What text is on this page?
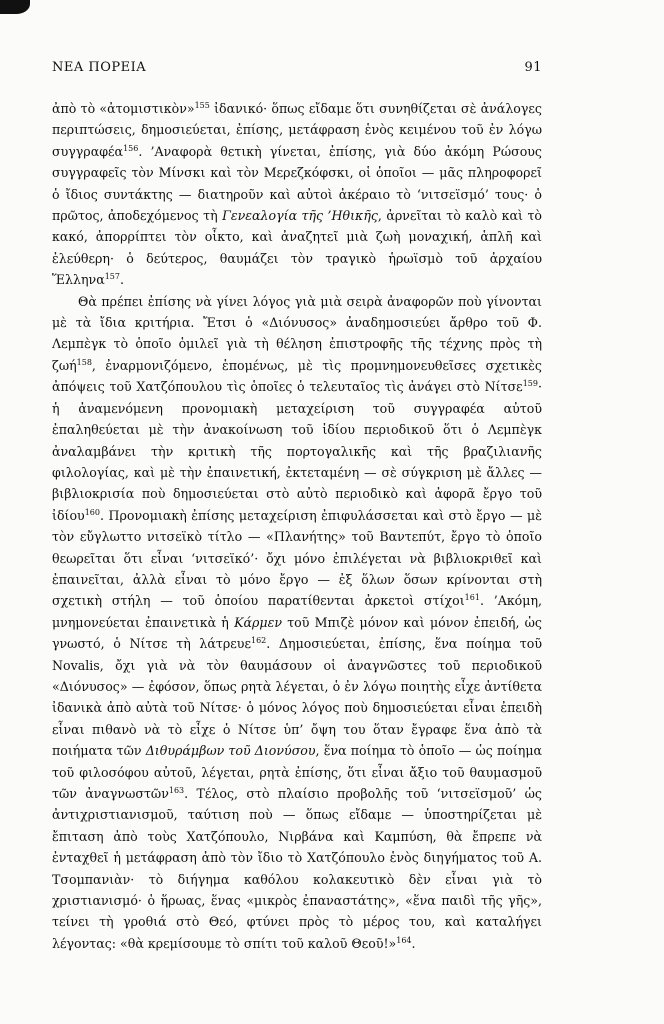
ΝΕΑ ΠΟΡΕΙΑ	91

ἀπὸ τὸ «ἀτομιστικὸν»$^{155}$ ἰδανικό· ὅπως εἴδαμε ὅτι συνηθίζεται σὲ ἀνάλογες περιπτώσεις, δημοσιεύεται, ἐπίσης, μετάφραση ἑνὸς κειμένου τοῦ ἐν λόγω συγγραφέα$^{156}$. ’Αναφορὰ θετικὴ γίνεται, ἐπίσης, γιὰ δύο ἀκόμη Ρώσους συγγραφεῖς τὸν Μίνσκι καὶ τὸν Μερεζκόφσκι, οἱ ὁποῖοι — μᾶς πληροφορεῖ ὁ ἴδιος συντάκτης — διατηροῦν καὶ αὐτοὶ ἀκέραιο τὸ ‘νιτσεϊσμό’ τους· ὁ πρῶτος, ἀποδεχόμενος τὴ Γενεαλογία τῆς ’Ηθικῆς, ἀρνεῖται τὸ καλὸ καὶ τὸ κακό, ἀπορρίπτει τὸν οἶκτο, καὶ ἀναζητεῖ μιὰ ζωὴ μοναχική, ἁπλῆ καὶ ἐλεύθερη· ὁ δεύτερος, θαυμάζει τὸν τραγικὸ ἡρωϊσμὸ τοῦ ἀρχαίου Ἕλληνα$^{157}$.

Θὰ πρέπει ἐπίσης νὰ γίνει λόγος γιὰ μιὰ σειρὰ ἀναφορῶν ποὺ γίνονται μὲ τὰ ἴδια κριτήρια. Ἔτσι ὁ «Διόνυσος» ἀναδημοσιεύει ἄρθρο τοῦ Φ. Λεμπὲγκ τὸ ὁποῖο ὁμιλεῖ γιὰ τὴ θέληση ἐπιστροφῆς τῆς τέχνης πρὸς τὴ ζωή$^{158}$, ἐναρμονιζόμενο, ἑπομένως, μὲ τὶς προμνημονευθεῖσες σχετικὲς ἀπόψεις τοῦ Χατζόπουλου τὶς ὁποῖες ὁ τελευταῖος τὶς ἀνάγει στὸ Νίτσε$^{159}$· ἡ ἀναμενόμενη προνομιακὴ μεταχείριση τοῦ συγγραφέα αὐτοῦ ἐπαληθεύεται μὲ τὴν ἀνακοίνωση τοῦ ἰδίου περιοδικοῦ ὅτι ὁ Λεμπὲγκ ἀναλαμβάνει τὴν κριτικὴ τῆς πορτογαλικῆς καὶ τῆς βραζιλιανῆς φιλολογίας, καὶ μὲ τὴν ἐπαινετική, ἐκτεταμένη — σὲ σύγκριση μὲ ἄλλες — βιβλιοκρισία ποὺ δημοσιεύεται στὸ αὐτὸ περιοδικὸ καὶ ἀφορᾶ ἔργο τοῦ ἰδίου$^{160}$. Προνομιακὴ ἐπίσης μεταχείριση ἐπιφυλάσσεται καὶ στὸ ἔργο — μὲ τὸν εὔγλωττο νιτσεϊκὸ τίτλο — «Πλανήτης» τοῦ Βαντεπύτ, ἔργο τὸ ὁποῖο θεωρεῖται ὅτι εἶναι ‘νιτσεϊκό’· ὄχι μόνο ἐπιλέγεται νὰ βιβλιοκριθεῖ καὶ ἐπαινεῖται, ἀλλὰ εἶναι τὸ μόνο ἔργο — ἐξ ὅλων ὅσων κρίνονται στὴ σχετικὴ στήλη — τοῦ ὁποίου παρατίθενται ἀρκετοὶ στίχοι$^{161}$. ’Ακόμη, μνημονεύεται ἐπαινετικὰ ἡ Κάρμεν τοῦ Μπιζὲ μόνον καὶ μόνον ἐπειδή, ὡς γνωστό, ὁ Νίτσε τὴ λάτρευε$^{162}$. Δημοσιεύεται, ἐπίσης, ἕνα ποίημα τοῦ Novalis, ὄχι γιὰ νὰ τὸν θαυμάσουν οἱ ἀναγνῶστες τοῦ περιοδικοῦ «Διόνυσος» — ἐφόσον, ὅπως ρητὰ λέγεται, ὁ ἐν λόγω ποιητὴς εἶχε ἀντίθετα ἰδανικὰ ἀπὸ αὐτὰ τοῦ Νίτσε· ὁ μόνος λόγος ποὺ δημοσιεύεται εἶναι ἐπειδὴ εἶναι πιθανὸ νὰ τὸ εἶχε ὁ Νίτσε ὑπ’ ὄψη του ὅταν ἔγραφε ἕνα ἀπὸ τὰ ποιήματα τῶν Διθυράμβων τοῦ Διονύσου, ἕνα ποίημα τὸ ὁποῖο — ὡς ποίημα τοῦ φιλοσόφου αὐτοῦ, λέγεται, ρητὰ ἐπίσης, ὅτι εἶναι ἄξιο τοῦ θαυμασμοῦ τῶν ἀναγνωστῶν$^{163}$. Τέλος, στὸ πλαίσιο προβολῆς τοῦ ‘νιτσεϊσμοῦ’ ὡς ἀντιχριστιανισμοῦ, ταύτιση ποὺ — ὅπως εἴδαμε — ὑποστηρίζεται μὲ ἔπιταση ἀπὸ τοὺς Χατζόπουλο, Νιρβάνα καὶ Καμπύση, θὰ ἔπρεπε νὰ ἐνταχθεῖ ἡ μετάφραση ἀπὸ τὸν ἴδιο τὸ Χατζόπουλο ἑνὸς διηγήματος τοῦ Α. Τσομπανιὰν· τὸ διήγημα καθόλου κολακευτικὸ δὲν εἶναι γιὰ τὸ χριστιανισμό· ὁ ἥρωας, ἕνας «μικρὸς ἐπαναστάτης», «ἕνα παιδὶ τῆς γῆς», τείνει τὴ γροθιά στὸ Θεό, φτύνει πρὸς τὸ μέρος του, καὶ καταλήγει λέγοντας: «θὰ κρεμίσουμε τὸ σπίτι τοῦ καλοῦ Θεοῦ!»$^{164}$.
